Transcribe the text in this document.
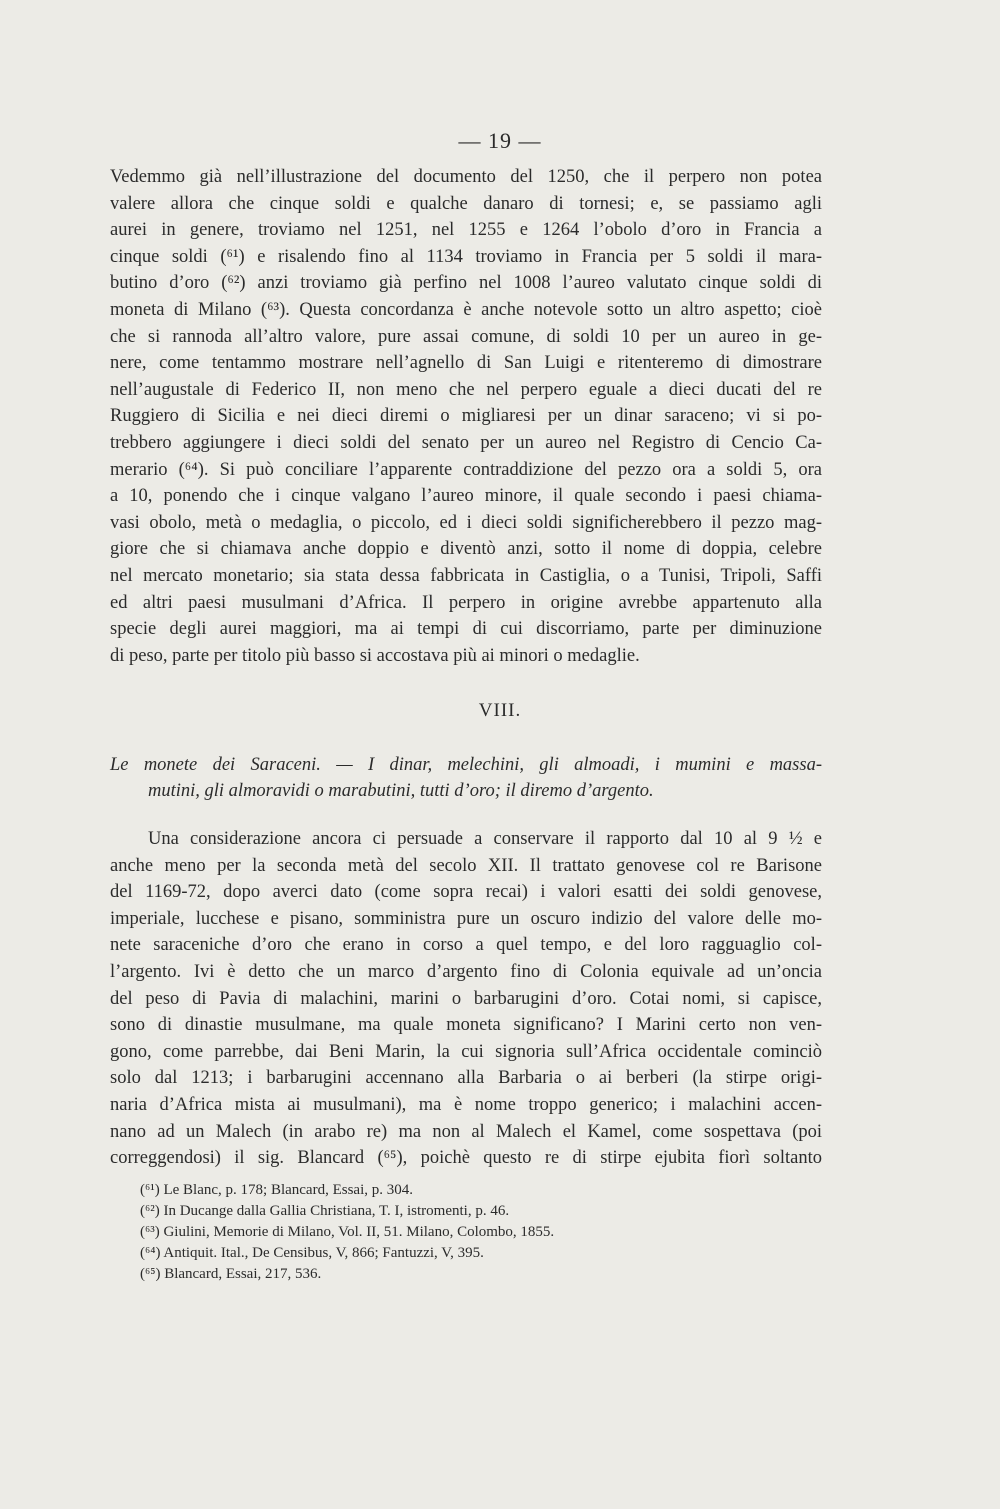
— 19 —
Vedemmo già nell’illustrazione del documento del 1250, che il perpero non potea
valere allora che cinque soldi e qualche danaro di tornesi; e, se passiamo agli
aurei in genere, troviamo nel 1251, nel 1255 e 1264 l’obolo d’oro in Francia a
cinque soldi (⁶¹) e risalendo fino al 1134 troviamo in Francia per 5 soldi il mara-
butino d’oro (⁶²) anzi troviamo già perfino nel 1008 l’aureo valutato cinque soldi di
moneta di Milano (⁶³). Questa concordanza è anche notevole sotto un altro aspetto; cioè
che si rannoda all’altro valore, pure assai comune, di soldi 10 per un aureo in ge-
nere, come tentammo mostrare nell’agnello di San Luigi e ritenteremo di dimostrare
nell’augustale di Federico II, non meno che nel perpero eguale a dieci ducati del re
Ruggiero di Sicilia e nei dieci diremi o migliaresi per un dinar saraceno; vi si po-
trebbero aggiungere i dieci soldi del senato per un aureo nel Registro di Cencio Ca-
merario (⁶⁴). Si può conciliare l’apparente contraddizione del pezzo ora a soldi 5, ora
a 10, ponendo che i cinque valgano l’aureo minore, il quale secondo i paesi chiama-
vasi obolo, metà o medaglia, o piccolo, ed i dieci soldi significherebbero il pezzo mag-
giore che si chiamava anche doppio e diventò anzi, sotto il nome di doppia, celebre
nel mercato monetario; sia stata dessa fabbricata in Castiglia, o a Tunisi, Tripoli, Saffi
ed altri paesi musulmani d’Africa. Il perpero in origine avrebbe appartenuto alla
specie degli aurei maggiori, ma ai tempi di cui discorriamo, parte per diminuzione
di peso, parte per titolo più basso si accostava più ai minori o medaglie.
VIII.
Le monete dei Saraceni. — I dinar, melechini, gli almoadi, i mumini e massa-
mutini, gli almoravidi o marabutini, tutti d’oro; il diremo d’argento.
Una considerazione ancora ci persuade a conservare il rapporto dal 10 al 9 ½ e
anche meno per la seconda metà del secolo XII. Il trattato genovese col re Barisone
del 1169-72, dopo averci dato (come sopra recai) i valori esatti dei soldi genovese,
imperiale, lucchese e pisano, somministra pure un oscuro indizio del valore delle mo-
nete saraceniche d’oro che erano in corso a quel tempo, e del loro ragguaglio col-
l’argento. Ivi è detto che un marco d’argento fino di Colonia equivale ad un’oncia
del peso di Pavia di malachini, marini o barbarugini d’oro. Cotai nomi, si capisce,
sono di dinastie musulmane, ma quale moneta significano? I Marini certo non ven-
gono, come parrebbe, dai Beni Marin, la cui signoria sull’Africa occidentale cominciò
solo dal 1213; i barbarugini accennano alla Barbaria o ai berberi (la stirpe origi-
naria d’Africa mista ai musulmani), ma è nome troppo generico; i malachini accen-
nano ad un Malech (in arabo re) ma non al Malech el Kamel, come sospettava (poi
correggendosi) il sig. Blancard (⁶⁵), poichè questo re di stirpe ejubita fiorì soltanto
(⁶¹) Le Blanc, p. 178; Blancard, Essai, p. 304.
(⁶²) In Ducange dalla Gallia Christiana, T. I, istromenti, p. 46.
(⁶³) Giulini, Memorie di Milano, Vol. II, 51. Milano, Colombo, 1855.
(⁶⁴) Antiquit. Ital., De Censibus, V, 866; Fantuzzi, V, 395.
(⁶⁵) Blancard, Essai, 217, 536.
